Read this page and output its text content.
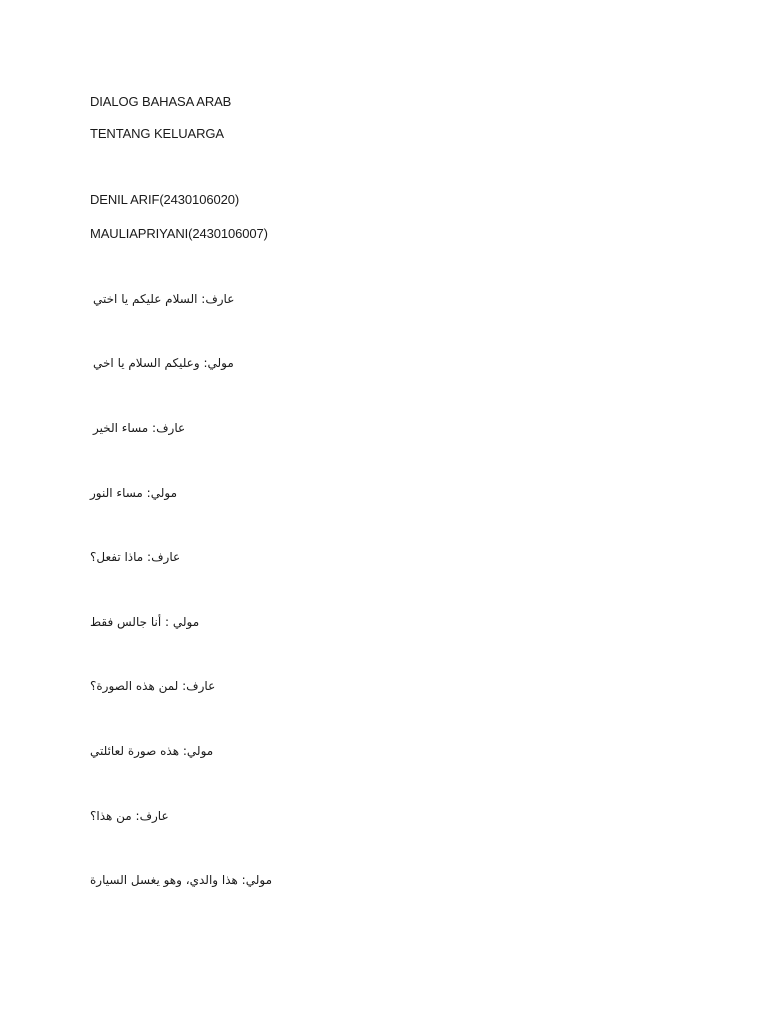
DIALOG BAHASA ARAB
TENTANG KELUARGA
DENIL ARIF(2430106020)
MAULIAPRIYANI(2430106007)
عارف: السلام عليكم يا اختي
مولي: وعليكم السلام يا اخي
عارف: مساء الخير
مولي: مساء النور
عارف: ماذا تفعل؟
مولي : أنا جالس فقط
عارف: لمن هذه الصورة؟
مولي: هذه صورة لعائلتي
عارف: من هذا؟
مولي: هذا والدي، وهو يغسل السيارة
